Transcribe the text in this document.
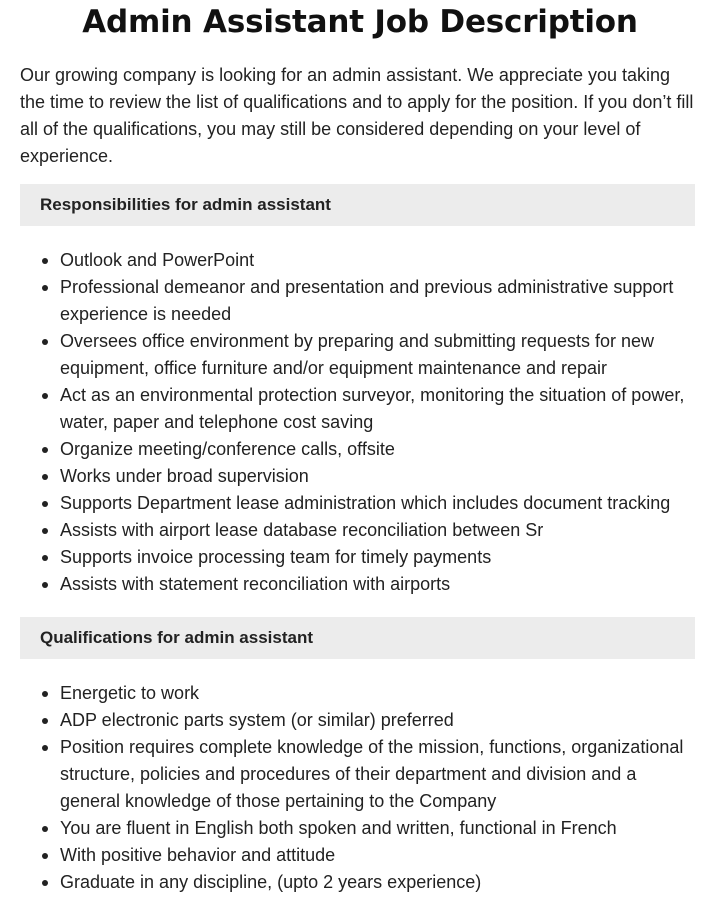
Admin Assistant Job Description

Our growing company is looking for an admin assistant. We appreciate you taking the time to review the list of qualifications and to apply for the position. If you don’t fill all of the qualifications, you may still be considered depending on your level of experience.

Responsibilities for admin assistant
Outlook and PowerPoint
Professional demeanor and presentation and previous administrative support experience is needed
Oversees office environment by preparing and submitting requests for new equipment, office furniture and/or equipment maintenance and repair
Act as an environmental protection surveyor, monitoring the situation of power, water, paper and telephone cost saving
Organize meeting/conference calls, offsite
Works under broad supervision
Supports Department lease administration which includes document tracking
Assists with airport lease database reconciliation between Sr
Supports invoice processing team for timely payments
Assists with statement reconciliation with airports
Qualifications for admin assistant
Energetic to work
ADP electronic parts system (or similar) preferred
Position requires complete knowledge of the mission, functions, organizational structure, policies and procedures of their department and division and a general knowledge of those pertaining to the Company
You are fluent in English both spoken and written, functional in French
With positive behavior and attitude
Graduate in any discipline, (upto 2 years experience)
